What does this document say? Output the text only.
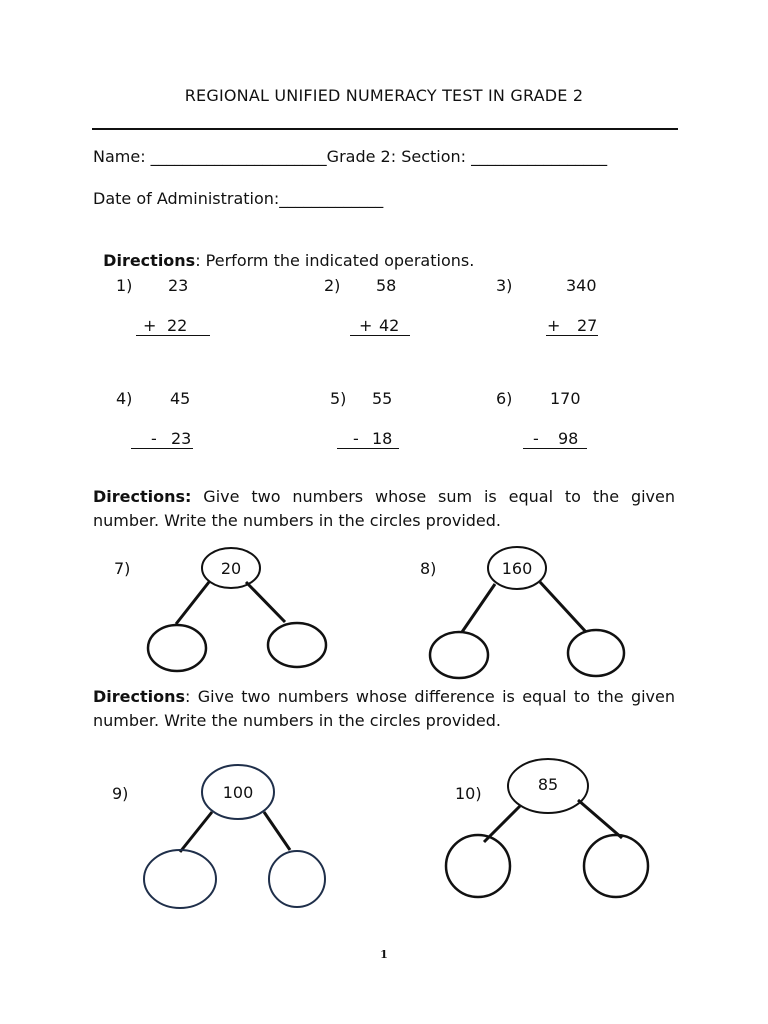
REGIONAL UNIFIED NUMERACY TEST IN GRADE 2
Name: ______________________Grade 2: Section: _________________
Date of Administration:_____________

Directions: Perform the indicated operations.

1) 23

+ 22

2) 58

+ 42

3)	340

+ 27

4) 45

- 23

5) 55

- 18

6) 170

- 98

Directions: Give two numbers whose sum is equal to the given number. Write the numbers in the circles provided.
7)	8)
Directions: Give two numbers whose difference is equal to the given number. Write the numbers in the circles provided.
9)	10)
20	160
100	85
1
